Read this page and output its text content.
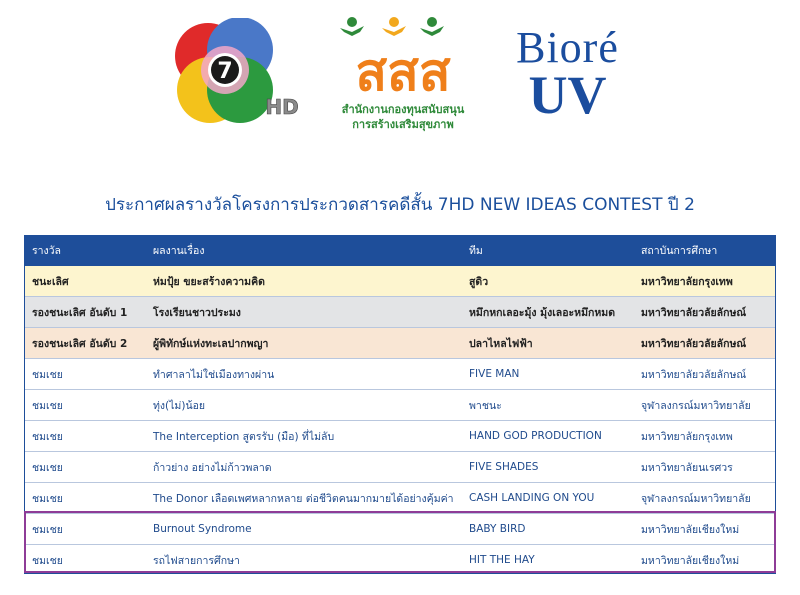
7
HD
สสส
สำนักงานกองทุนสนับสนุน
การสร้างเสริมสุขภาพ
Bioré
UV
ประกาศผลรางวัลโครงการประกวดสารคดีสั้น 7HD NEW IDEAS CONTEST ปี 2
รางวัล	ผลงานเรื่อง	ทีม	สถาบันการศึกษา
ชนะเลิศ	ห่มปุ้ย ขยะสร้างความคิด	สูดิว	มหาวิทยาลัยกรุงเทพ
รองชนะเลิศ อันดับ 1	โรงเรียนชาวประมง	หมึกหกเลอะมุ้ง มุ้งเลอะหมึกหมด	มหาวิทยาลัยวลัยลักษณ์
รองชนะเลิศ อันดับ 2	ผู้พิทักษ์แห่งทะเลปากพญา	ปลาไหลไฟฟ้า	มหาวิทยาลัยวลัยลักษณ์
ชมเชย	ทำศาลาไม่ใช่เมืองทางผ่าน	FIVE MAN	มหาวิทยาลัยวลัยลักษณ์
ชมเชย	ทุ่ง(ไม่)น้อย	พาชนะ	จุฬาลงกรณ์มหาวิทยาลัย
ชมเชย	The Interception สูตรรับ (มือ) ที่ไม่ลับ	HAND GOD PRODUCTION	มหาวิทยาลัยกรุงเทพ
ชมเชย	ก้าวย่าง อย่างไม่ก้าวพลาด	FIVE SHADES	มหาวิทยาลัยนเรศวร
ชมเชย	The Donor เลือดเพศหลากหลาย ต่อชีวิตคนมากมายได้อย่างคุ้มค่า	CASH LANDING ON YOU	จุฬาลงกรณ์มหาวิทยาลัย
ชมเชย	Burnout Syndrome	BABY BIRD	มหาวิทยาลัยเชียงใหม่
ชมเชย	รถไฟสายการศึกษา	HIT THE HAY	มหาวิทยาลัยเชียงใหม่
